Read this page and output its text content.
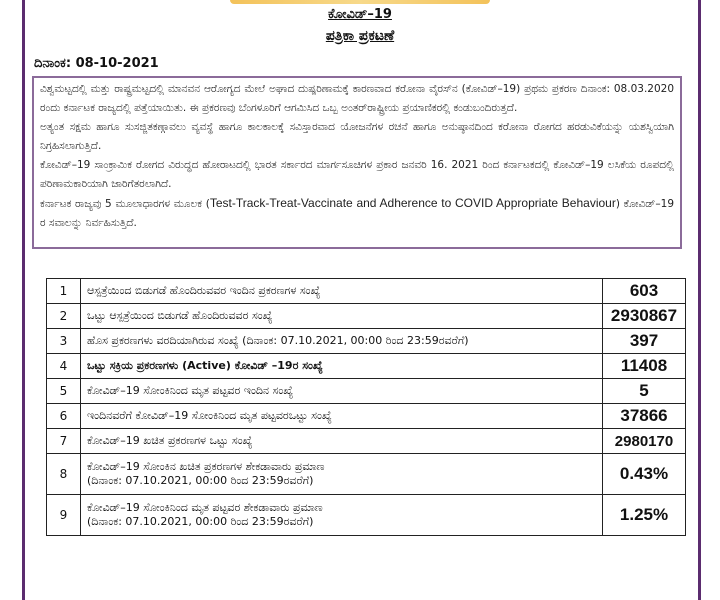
ಕೋವಿಡ್–19
ಪತ್ರಿಕಾ ಪ್ರಕಟಣೆ
ದಿನಾಂಕ: 08-10-2021

ವಿಶ್ವಮಟ್ಟದಲ್ಲಿ ಮತ್ತು ರಾಷ್ಟ್ರಮಟ್ಟದಲ್ಲಿ ಮಾನವನ ಆರೋಗ್ಯದ ಮೇಲೆ ಅಘಾದ ದುಷ್ಪರಿಣಾಮಕ್ಕೆ ಕಾರಣವಾದ ಕರೋನಾ ವೈರಸ್‌ನ (ಕೋವಿಡ್‌–19) ಪ್ರಥಮ ಪ್ರಕರಣ ದಿನಾಂಕ: 08.03.2020 ರಂದು ಕರ್ನಾಟಕ ರಾಜ್ಯದಲ್ಲಿ ಪತ್ತೆಯಾಯಿತು. ಈ ಪ್ರಕರಣವು ಬೆಂಗಳೂರಿಗೆ ಆಗಮಿಸಿದ ಒಬ್ಬ ಅಂತರ್‌ರಾಷ್ಟ್ರೀಯ ಪ್ರಯಾಣಿಕರಲ್ಲಿ ಕಂಡುಬಂದಿರುತ್ತದೆ.

ಅತ್ಯಂತ ಸಕ್ಷಮ ಹಾಗೂ ಸುಸಜ್ಜಿತಕಣ್ಗಾವಲು ವ್ಯವಸ್ಥೆ ಹಾಗೂ ಕಾಲಕಾಲಕ್ಕೆ ಸವಿಸ್ತಾರವಾದ ಯೋಜನೆಗಳ ರಚನೆ ಹಾಗೂ ಅನುಷ್ಠಾನದಿಂದ ಕರೋನಾ ರೋಗದ ಹರಡುವಿಕೆಯನ್ನು ಯಶಸ್ವಿಯಾಗಿ ನಿಗ್ರಹಿಸಲಾಗುತ್ತಿದೆ.

ಕೋವಿಡ್‌–19 ಸಾಂಕ್ರಾಮಿಕ ರೋಗದ ವಿರುದ್ಧದ ಹೋರಾಟದಲ್ಲಿ ಭಾರತ ಸರ್ಕಾರದ ಮಾರ್ಗಸೂಚಿಗಳ ಪ್ರಕಾರ ಜನವರಿ 16. 2021 ರಿಂದ ಕರ್ನಾಟಕದಲ್ಲಿ ಕೋವಿಡ್‌–19 ಲಸಿಕೆಯ ರೂಪದಲ್ಲಿ ಪರಿಣಾಮಕಾರಿಯಾಗಿ ಜಾರಿಗೆತರಲಾಗಿದೆ.

ಕರ್ನಾಟಕ ರಾಜ್ಯವು 5 ಮೂಲಾಧಾರಗಳ ಮೂಲಕ (Test-Track-Treat-Vaccinate and Adherence to COVID Appropriate Behaviour) ಕೋವಿಡ್‌–19 ರ ಸವಾಲನ್ನು ನಿರ್ವಹಿಸುತ್ತಿದೆ.

1	ಆಸ್ಪತ್ರೆಯಿಂದ ಬಿಡುಗಡೆ ಹೊಂದಿರುವವರ ಇಂದಿನ ಪ್ರಕರಣಗಳ ಸಂಖ್ಯೆ	603
2	ಒಟ್ಟು ಆಸ್ಪತ್ರೆಯಿಂದ ಬಿಡುಗಡೆ ಹೊಂದಿರುವವರ ಸಂಖ್ಯೆ	2930867
3	ಹೊಸ ಪ್ರಕರಣಗಳು ವರದಿಯಾಗಿರುವ ಸಂಖ್ಯೆ (ದಿನಾಂಕ: 07.10.2021, 00:00 ರಿಂದ 23:59ರವರೆಗೆ)	397
4	ಒಟ್ಟು ಸಕ್ರಿಯ ಪ್ರಕರಣಗಳು (Active) ಕೋವಿಡ್‌ –19ರ ಸಂಖ್ಯೆ	11408
5	ಕೋವಿಡ್–19 ಸೋಂಕಿನಿಂದ ಮೃತ ಪಟ್ಟವರ ಇಂದಿನ ಸಂಖ್ಯೆ	5
6	ಇಂದಿನವರೆಗೆ ಕೋವಿಡ್–19 ಸೋಂಕಿನಿಂದ ಮೃತ ಪಟ್ಟವರಒಟ್ಟು ಸಂಖ್ಯೆ	37866
7	ಕೋವಿಡ್–19 ಖಚಿತ ಪ್ರಕರಣಗಳ ಒಟ್ಟು ಸಂಖ್ಯೆ	2980170
8	ಕೋವಿಡ್–19 ಸೋಂಕಿನ ಖಚಿತ ಪ್ರಕರಣಗಳ ಶೇಕಡಾವಾರು ಪ್ರಮಾಣ
(ದಿನಾಂಕ: 07.10.2021, 00:00 ರಿಂದ 23:59ರವರೆಗೆ)	0.43%
9	ಕೋವಿಡ್–19 ಸೋಂಕಿನಿಂದ ಮೃತ ಪಟ್ಟವರ ಶೇಕಡಾವಾರು ಪ್ರಮಾಣ
(ದಿನಾಂಕ: 07.10.2021, 00:00 ರಿಂದ 23:59ರವರೆಗೆ)	1.25%
